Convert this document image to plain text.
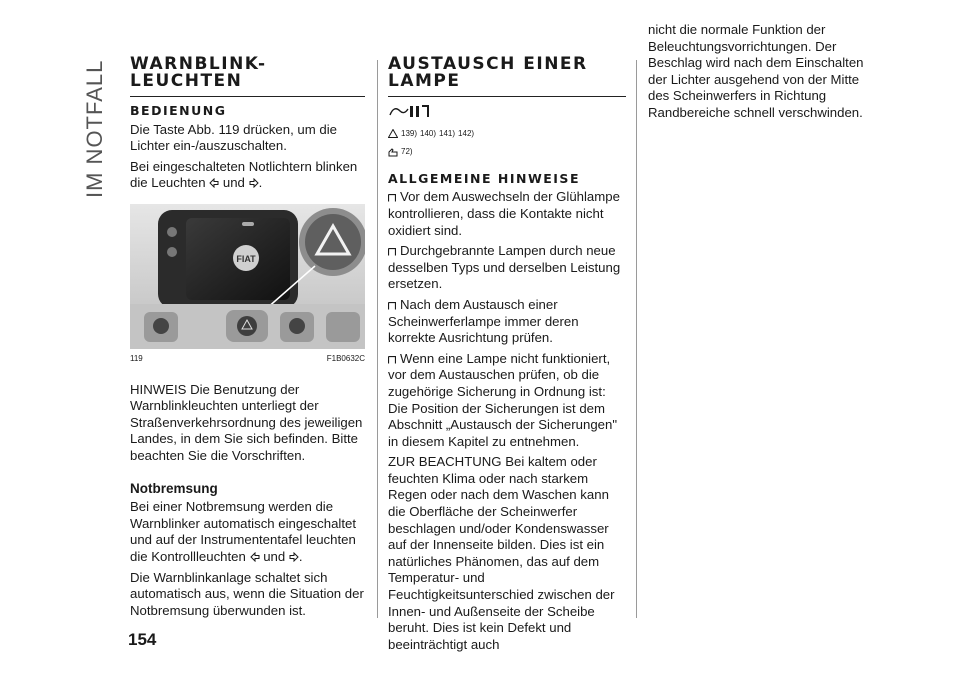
IM NOTFALL WARNBLINK-
LEUCHTEN
BEDIENUNG

Die Taste Abb. 119 drücken, um die Lichter ein-/auszuschalten.

Bei eingeschalteten Notlichtern blinken die Leuchten und .

FIAT
119	F1B0632C

HINWEIS Die Benutzung der Warnblinkleuchten unterliegt der Straßenverkehrsordnung des jeweiligen Landes, in dem Sie sich befinden. Bitte beachten Sie die Vorschriften.

Notbremsung

Bei einer Notbremsung werden die Warnblinker automatisch eingeschaltet und auf der Instrumententafel leuchten die Kontrollleuchten und .

Die Warnblinkanlage schaltet sich automatisch aus, wenn die Situation der Notbremsung überwunden ist.

AUSTAUSCH EINER
LAMPE
139) 140) 141) 142)
72)
ALLGEMEINE HINWEISE

Vor dem Auswechseln der Glühlampe kontrollieren, dass die Kontakte nicht oxidiert sind.

Durchgebrannte Lampen durch neue desselben Typs und derselben Leistung ersetzen.

Nach dem Austausch einer Scheinwerferlampe immer deren korrekte Ausrichtung prüfen.

Wenn eine Lampe nicht funktioniert, vor dem Austauschen prüfen, ob die zugehörige Sicherung in Ordnung ist: Die Position der Sicherungen ist dem Abschnitt „Austausch der Sicherungen" in diesem Kapitel zu entnehmen.

ZUR BEACHTUNG Bei kaltem oder feuchten Klima oder nach starkem Regen oder nach dem Waschen kann die Oberfläche der Scheinwerfer beschlagen und/oder Kondenswasser auf der Innenseite bilden. Dies ist ein natürliches Phänomen, das auf dem Temperatur- und Feuchtigkeitsunterschied zwischen der Innen- und Außenseite der Scheibe beruht. Dies ist kein Defekt und beeinträchtigt auch

nicht die normale Funktion der Beleuchtungsvorrichtungen. Der Beschlag wird nach dem Einschalten der Lichter ausgehend von der Mitte des Scheinwerfers in Richtung Randbereiche schnell verschwinden.

154
